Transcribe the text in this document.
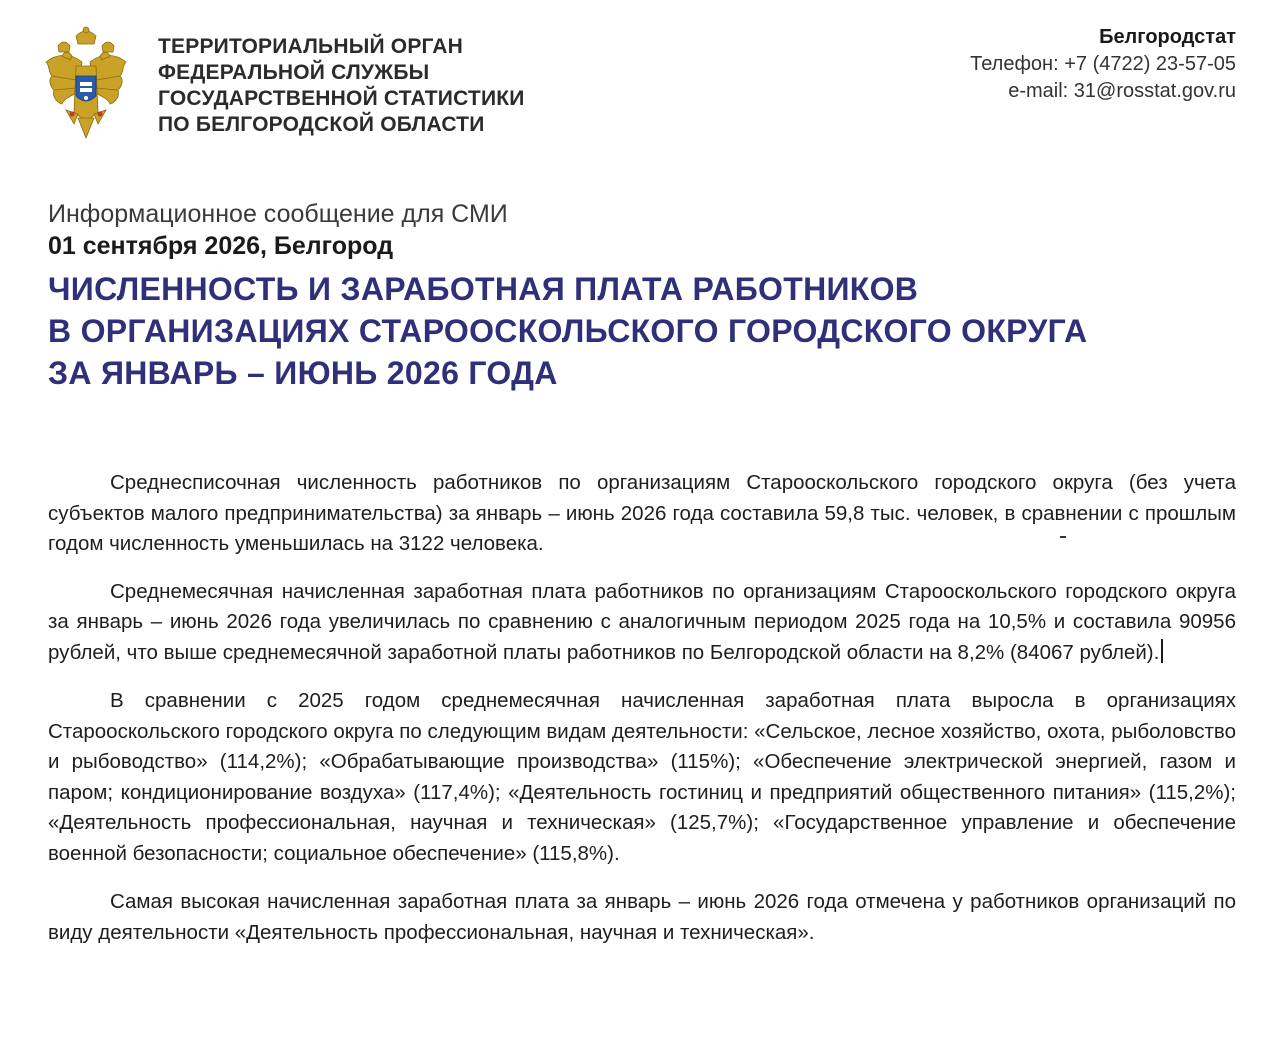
ТЕРРИТОРИАЛЬНЫЙ ОРГАН
ФЕДЕРАЛЬНОЙ СЛУЖБЫ
ГОСУДАРСТВЕННОЙ СТАТИСТИКИ
ПО БЕЛГОРОДСКОЙ ОБЛАСТИ
Белгородстат
Телефон: +7 (4722) 23-57-05
e-mail: 31@rosstat.gov.ru
Информационное сообщение для СМИ
01 сентября 2026, Белгород
ЧИСЛЕННОСТЬ И ЗАРАБОТНАЯ ПЛАТА РАБОТНИКОВ
В ОРГАНИЗАЦИЯХ СТАРООСКОЛЬСКОГО ГОРОДСКОГО ОКРУГА
ЗА ЯНВАРЬ – ИЮНЬ 2026 ГОДА

Среднесписочная численность работников по организациям Старооскольского городского округа (без учета субъектов малого предпринимательства) за январь – июнь 2026 года составила 59,8 тыс. человек, в сравнении с прошлым годом численность уменьшилась на 3122 человека.

Среднемесячная начисленная заработная плата работников по организациям Старооскольского городского округа за январь – июнь 2026 года увеличилась по сравнению с аналогичным периодом 2025 года на 10,5% и составила 90956 рублей, что выше среднемесячной заработной платы работников по Белгородской области на 8,2% (84067 рублей).

В сравнении с 2025 годом среднемесячная начисленная заработная плата выросла в организациях Старооскольского городского округа по следующим видам деятельности: «Сельское, лесное хозяйство, охота, рыболовство и рыбоводство» (114,2%); «Обрабатывающие производства» (115%); «Обеспечение электрической энергией, газом и паром; кондиционирование воздуха» (117,4%); «Деятельность гостиниц и предприятий общественного питания» (115,2%); «Деятельность профессиональная, научная и техническая» (125,7%); «Государственное управление и обеспечение военной безопасности; социальное обеспечение» (115,8%).

Самая высокая начисленная заработная плата за январь – июнь 2026 года отмечена у работников организаций по виду деятельности «Деятельность профессиональная, научная и техническая».
